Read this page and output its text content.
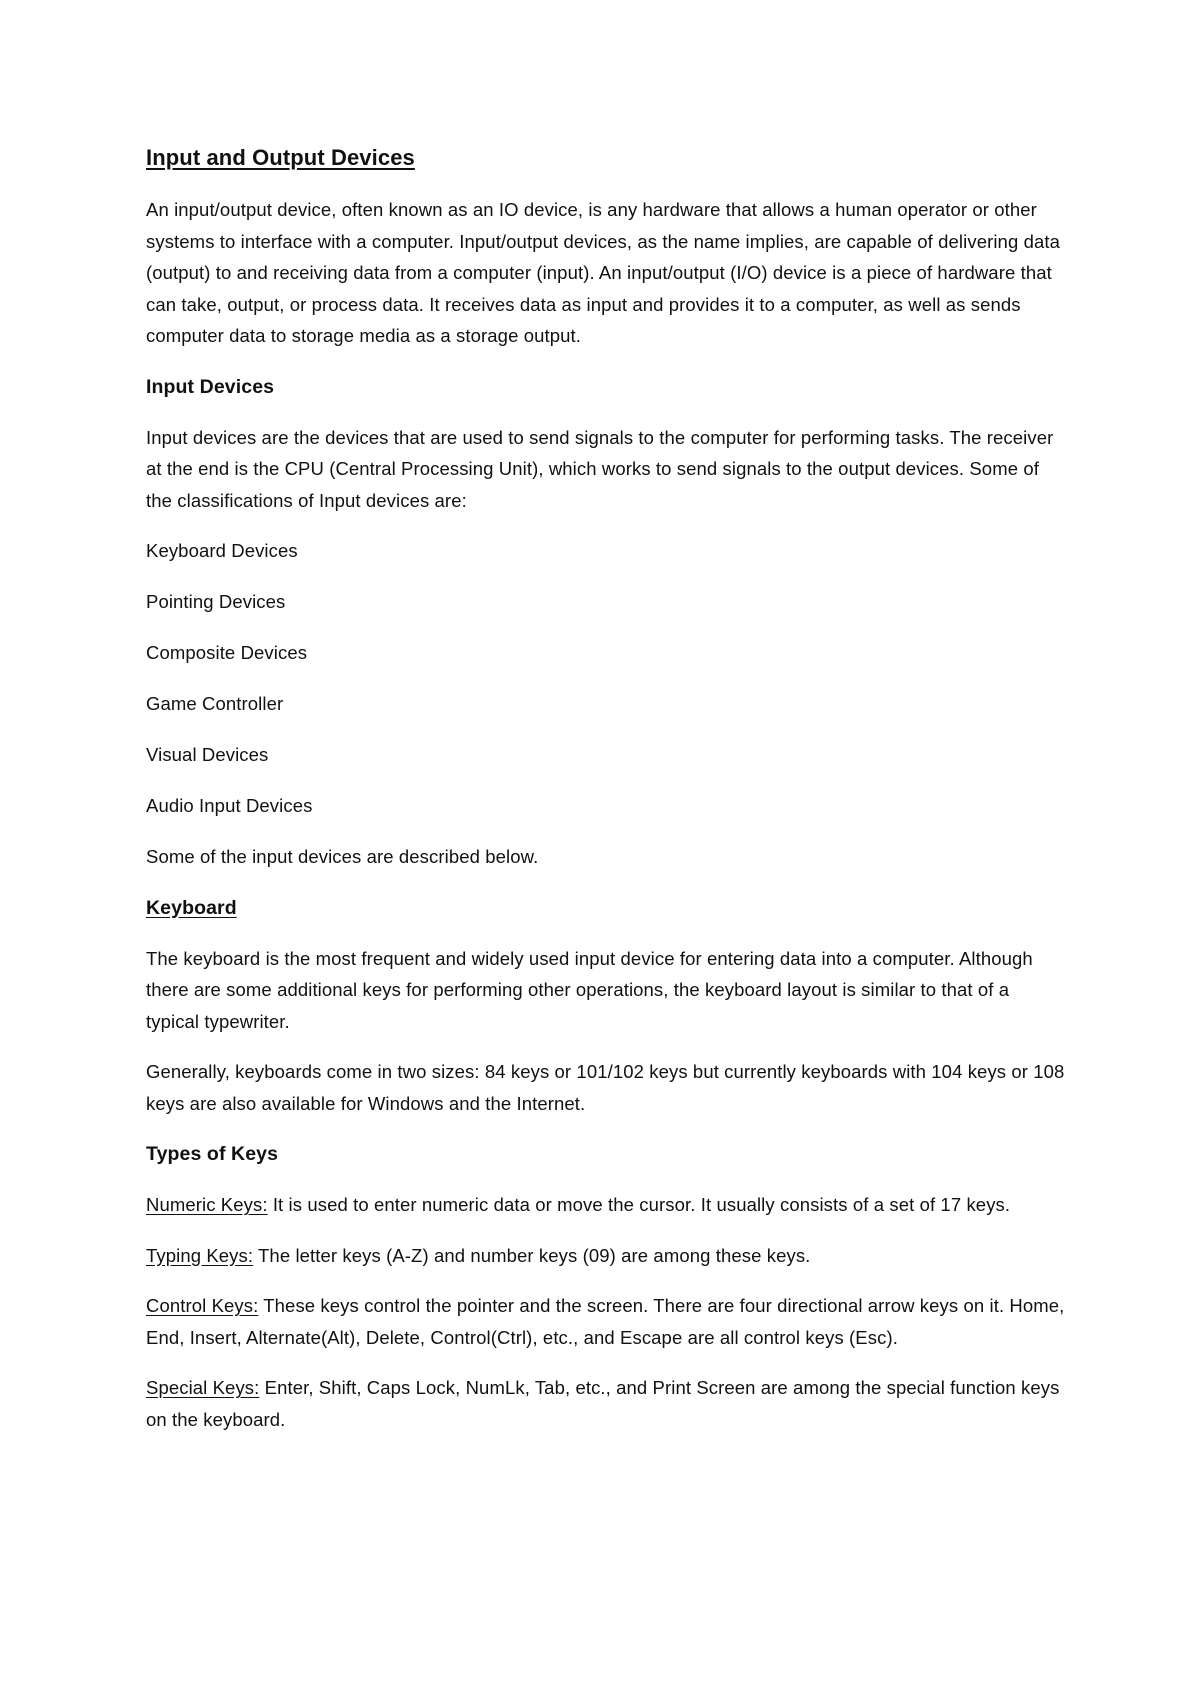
Input and Output Devices

An input/output device, often known as an IO device, is any hardware that allows a human operator or other systems to interface with a computer. Input/output devices, as the name implies, are capable of delivering data (output) to and receiving data from a computer (input). An input/output (I/O) device is a piece of hardware that can take, output, or process data. It receives data as input and provides it to a computer, as well as sends computer data to storage media as a storage output.

Input Devices

Input devices are the devices that are used to send signals to the computer for performing tasks. The receiver at the end is the CPU (Central Processing Unit), which works to send signals to the output devices. Some of the classifications of Input devices are:

Keyboard Devices
Pointing Devices
Composite Devices
Game Controller
Visual Devices
Audio Input Devices

Some of the input devices are described below.

Keyboard

The keyboard is the most frequent and widely used input device for entering data into a computer. Although there are some additional keys for performing other operations, the keyboard layout is similar to that of a typical typewriter.

Generally, keyboards come in two sizes: 84 keys or 101/102 keys but currently keyboards with 104 keys or 108 keys are also available for Windows and the Internet.

Types of Keys

Numeric Keys: It is used to enter numeric data or move the cursor. It usually consists of a set of 17 keys.

Typing Keys: The letter keys (A-Z) and number keys (09) are among these keys.

Control Keys: These keys control the pointer and the screen. There are four directional arrow keys on it. Home, End, Insert, Alternate(Alt), Delete, Control(Ctrl), etc., and Escape are all control keys (Esc).

Special Keys: Enter, Shift, Caps Lock, NumLk, Tab, etc., and Print Screen are among the special function keys on the keyboard.
